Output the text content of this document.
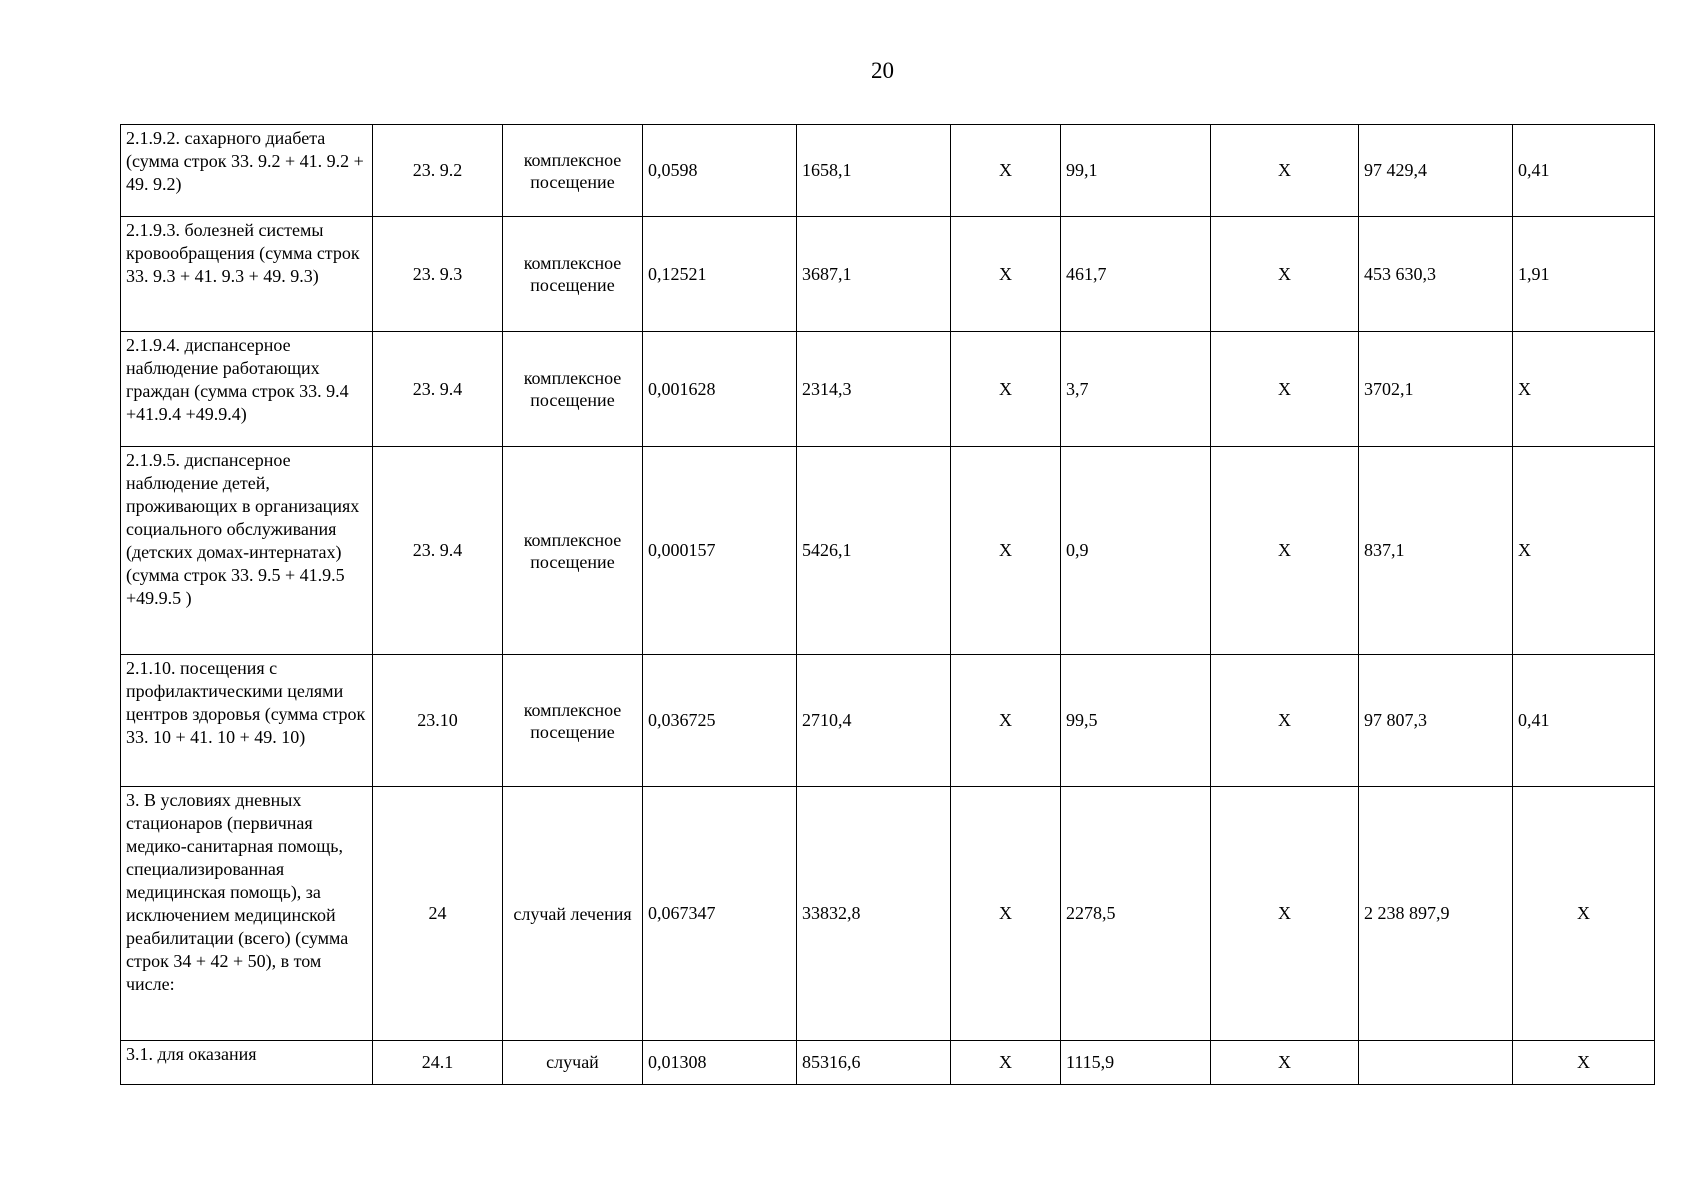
20
2.1.9.2. сахарного диабета (сумма строк 33. 9.2 + 41. 9.2 + 49. 9.2)	23. 9.2	комплексное посещение	0,0598	1658,1	Х	99,1	Х	97 429,4	0,41
2.1.9.3. болезней системы кровообращения (сумма строк 33. 9.3 + 41. 9.3 + 49. 9.3)	23. 9.3	комплексное посещение	0,12521	3687,1	Х	461,7	Х	453 630,3	1,91
2.1.9.4. диспансерное наблюдение работающих граждан (сумма строк 33. 9.4 +41.9.4 +49.9.4)	23. 9.4	комплексное посещение	0,001628	2314,3	Х	3,7	Х	3702,1	Х
2.1.9.5. диспансерное наблюдение детей, проживающих в организациях социального обслуживания (детских домах-интернатах) (сумма строк 33. 9.5 + 41.9.5 +49.9.5 )	23. 9.4	комплексное посещение	0,000157	5426,1	Х	0,9	Х	837,1	Х
2.1.10. посещения с профилактическими целями центров здоровья (сумма строк 33. 10 + 41. 10 + 49. 10)	23.10	комплексное посещение	0,036725	2710,4	Х	99,5	Х	97 807,3	0,41
3. В условиях дневных стационаров (первичная медико-санитарная помощь, специализированная медицинская помощь), за исключением медицинской реабилитации (всего) (сумма строк 34 + 42 + 50), в том числе:	24	случай лечения	0,067347	33832,8	Х	2278,5	Х	2 238 897,9	Х
3.1. для оказания	24.1	случай	0,01308	85316,6	Х	1115,9	Х		Х
